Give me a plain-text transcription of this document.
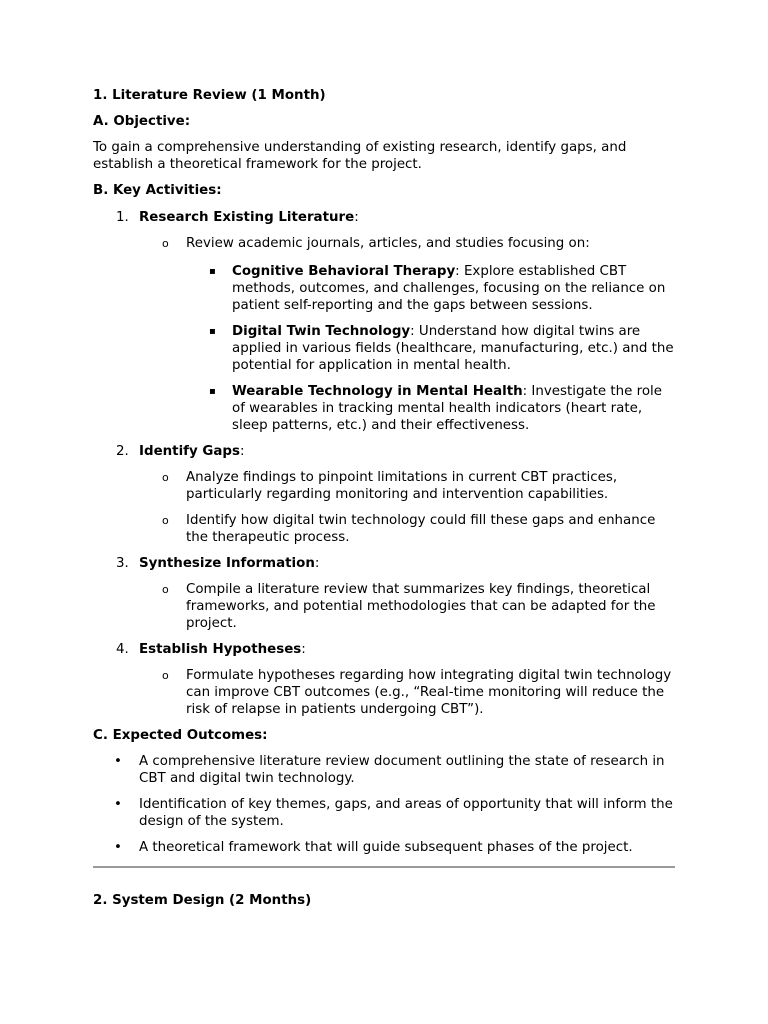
1. Literature Review (1 Month)
A. Objective:
To gain a comprehensive understanding of existing research, identify gaps, and establish a theoretical framework for the project.
B. Key Activities:
1. Research Existing Literature:
o Review academic journals, articles, and studies focusing on:
▪ Cognitive Behavioral Therapy: Explore established CBT methods, outcomes, and challenges, focusing on the reliance on patient self-reporting and the gaps between sessions.
▪ Digital Twin Technology: Understand how digital twins are applied in various fields (healthcare, manufacturing, etc.) and the potential for application in mental health.
▪ Wearable Technology in Mental Health: Investigate the role of wearables in tracking mental health indicators (heart rate, sleep patterns, etc.) and their effectiveness.
2. Identify Gaps:
o Analyze findings to pinpoint limitations in current CBT practices, particularly regarding monitoring and intervention capabilities.
o Identify how digital twin technology could fill these gaps and enhance the therapeutic process.
3. Synthesize Information:
o Compile a literature review that summarizes key findings, theoretical frameworks, and potential methodologies that can be adapted for the project.
4. Establish Hypotheses:
o Formulate hypotheses regarding how integrating digital twin technology can improve CBT outcomes (e.g., “Real-time monitoring will reduce the risk of relapse in patients undergoing CBT”).
C. Expected Outcomes:
• A comprehensive literature review document outlining the state of research in CBT and digital twin technology.
• Identification of key themes, gaps, and areas of opportunity that will inform the design of the system.
• A theoretical framework that will guide subsequent phases of the project.
2. System Design (2 Months)
